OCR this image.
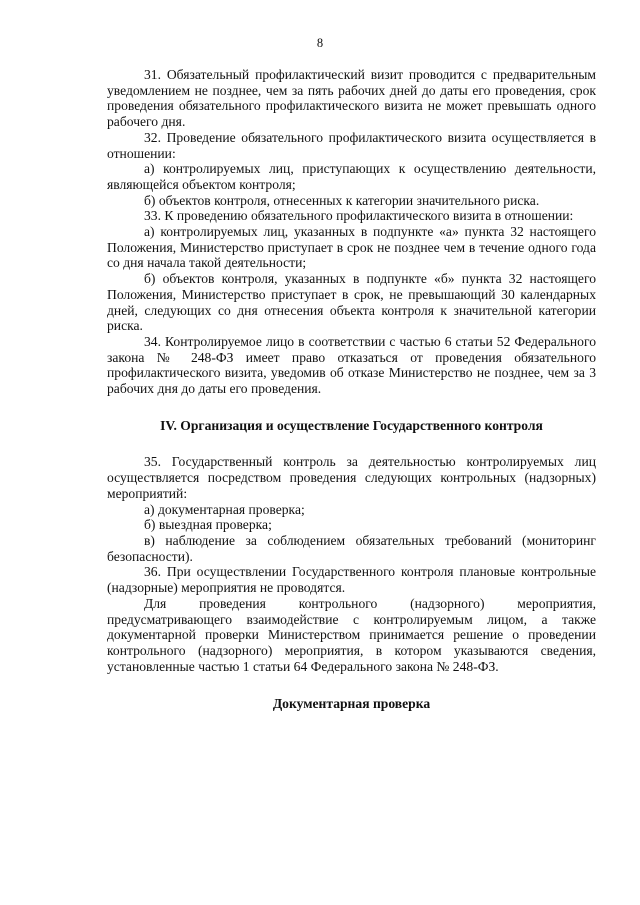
8

31. Обязательный профилактический визит проводится с предварительным уведомлением не позднее, чем за пять рабочих дней до даты его проведения, срок проведения обязательного профилактического визита не может превышать одного рабочего дня.

32. Проведение обязательного профилактического визита осуществляется в отношении:

а) контролируемых лиц, приступающих к осуществлению деятельности, являющейся объектом контроля;

б) объектов контроля, отнесенных к категории значительного риска.

33. К проведению обязательного профилактического визита в отношении:

а) контролируемых лиц, указанных в подпункте «а» пункта 32 настоящего Положения, Министерство приступает в срок не позднее чем в течение одного года со дня начала такой деятельности;

б) объектов контроля, указанных в подпункте «б» пункта 32 настоящего Положения, Министерство приступает в срок, не превышающий 30 календарных дней, следующих со дня отнесения объекта контроля к значительной категории риска.

34. Контролируемое лицо в соответствии с частью 6 статьи 52 Федерального закона № 248-ФЗ имеет право отказаться от проведения обязательного профилактического визита, уведомив об отказе Министерство не позднее, чем за 3 рабочих дня до даты его проведения.

IV. Организация и осуществление Государственного контроля

35. Государственный контроль за деятельностью контролируемых лиц осуществляется посредством проведения следующих контрольных (надзорных) мероприятий:

а) документарная проверка;

б) выездная проверка;

в) наблюдение за соблюдением обязательных требований (мониторинг безопасности).

36. При осуществлении Государственного контроля плановые контрольные (надзорные) мероприятия не проводятся.

Для проведения контрольного (надзорного) мероприятия, предусматривающего взаимодействие с контролируемым лицом, а также документарной проверки Министерством принимается решение о проведении контрольного (надзорного) мероприятия, в котором указываются сведения, установленные частью 1 статьи 64 Федерального закона № 248-ФЗ.

Документарная проверка
